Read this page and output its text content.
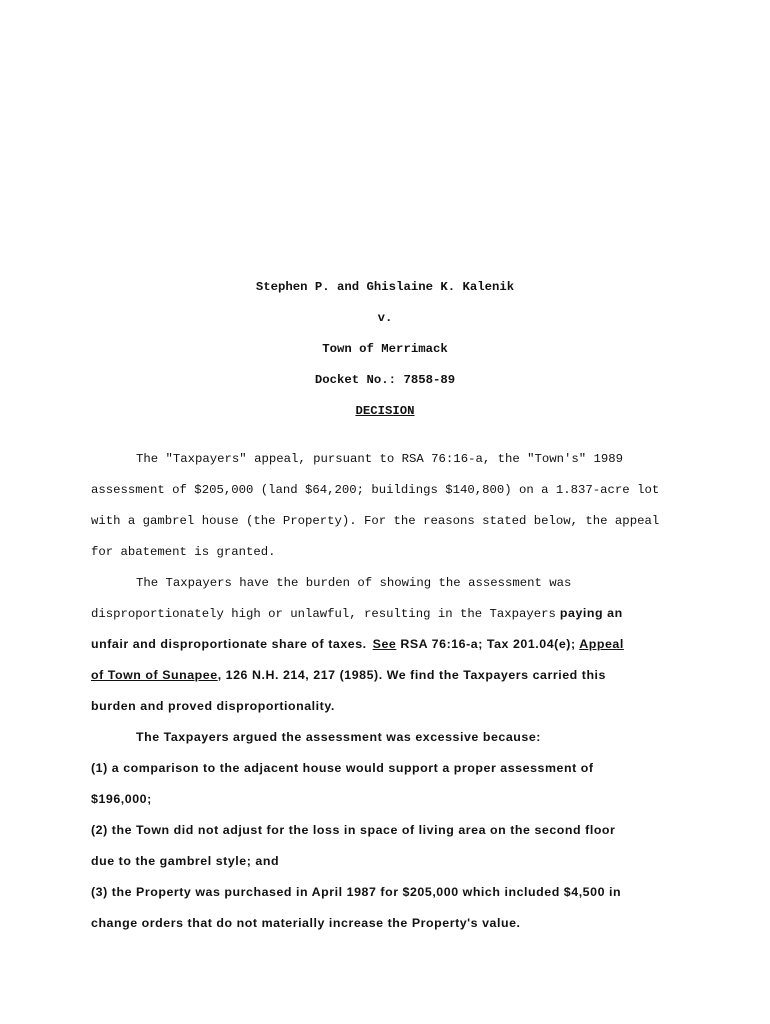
Stephen P. and Ghislaine K. Kalenik
v.
Town of Merrimack
Docket No.: 7858-89
DECISION
The "Taxpayers" appeal, pursuant to RSA 76:16-a, the "Town's" 1989
assessment of $205,000 (land $64,200; buildings $140,800) on a 1.837-acre lot
with a gambrel house (the Property). For the reasons stated below, the appeal
for abatement is granted.
The Taxpayers have the burden of showing the assessment was
disproportionately high or unlawful, resulting in the Taxpayers paying an
unfair and disproportionate share of taxes. See RSA 76:16-a; Tax 201.04(e); Appeal
of Town of Sunapee, 126 N.H. 214, 217 (1985). We find the Taxpayers carried this
burden and proved disproportionality.
The Taxpayers argued the assessment was excessive because:
(1) a comparison to the adjacent house would support a proper assessment of
$196,000;
(2) the Town did not adjust for the loss in space of living area on the second floor
due to the gambrel style; and
(3) the Property was purchased in April 1987 for $205,000 which included $4,500 in
change orders that do not materially increase the Property's value.
